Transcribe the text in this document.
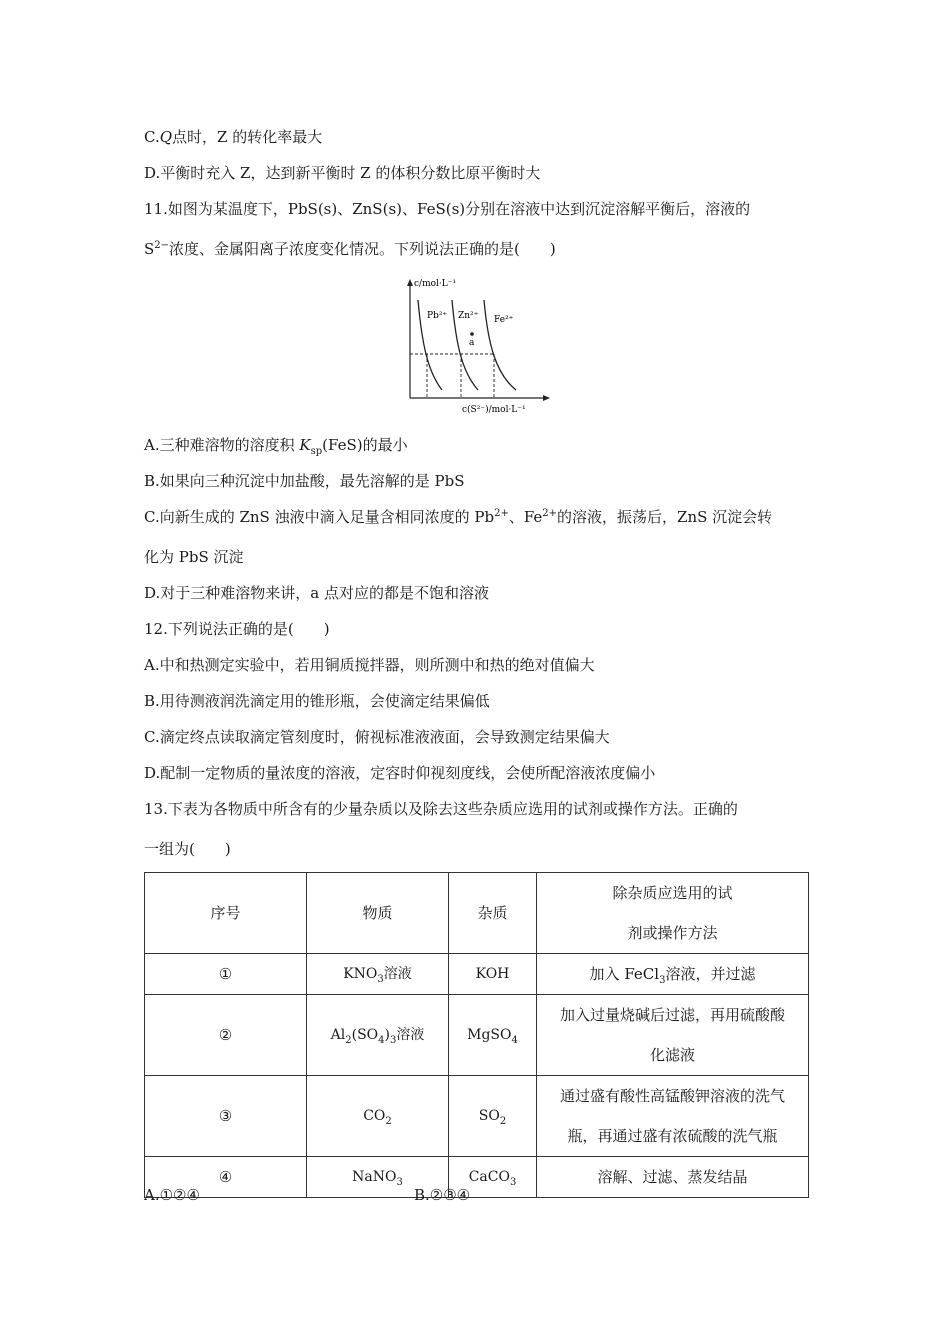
C.Q点时，Z 的转化率最大
D.平衡时充入 Z，达到新平衡时 Z 的体积分数比原平衡时大
11.如图为某温度下，PbS(s)、ZnS(s)、FeS(s)分别在溶液中达到沉淀溶解平衡后，溶液的
$S^{2-}$浓度、金属阳离子浓度变化情况。下列说法正确的是(　　)
c/mol·L⁻¹
c(S²⁻)/mol·L⁻¹
Pb²⁺ Zn²⁺ Fe²⁺
a
A.三种难溶物的溶度积 $K_{sp}(FeS)$的最小
B.如果向三种沉淀中加盐酸，最先溶解的是 PbS
C.向新生成的 ZnS 浊液中滴入足量含相同浓度的 $Pb^{2+}$、$Fe^{2+}$的溶液，振荡后，ZnS 沉淀会转
化为 PbS 沉淀
D.对于三种难溶物来讲，a 点对应的都是不饱和溶液
12.下列说法正确的是(　　)
A.中和热测定实验中，若用铜质搅拌器，则所测中和热的绝对值偏大
B.用待测液润洗滴定用的锥形瓶，会使滴定结果偏低
C.滴定终点读取滴定管刻度时，俯视标准液液面，会导致测定结果偏大
D.配制一定物质的量浓度的溶液，定容时仰视刻度线，会使所配溶液浓度偏小
13.下表为各物质中所含有的少量杂质以及除去这些杂质应选用的试剂或操作方法。正确的
一组为(　　)
序号	物质	杂质	除杂质应选用的试
剂或操作方法

①	$KNO_3$溶液	KOH	加入 FeCl$_3$溶液，并过滤
②	$Al_2(SO_4)_3$溶液	MgSO$_4$	加入过量烧碱后过滤，再用硫酸酸
化滤液

③	$CO_2$	$SO_2$	通过盛有酸性高锰酸钾溶液的洗气
瓶，再通过盛有浓硫酸的洗气瓶

④	NaNO$_3$	CaCO$_3$	溶解、过滤、蒸发结晶
A.①②④	B.②③④
